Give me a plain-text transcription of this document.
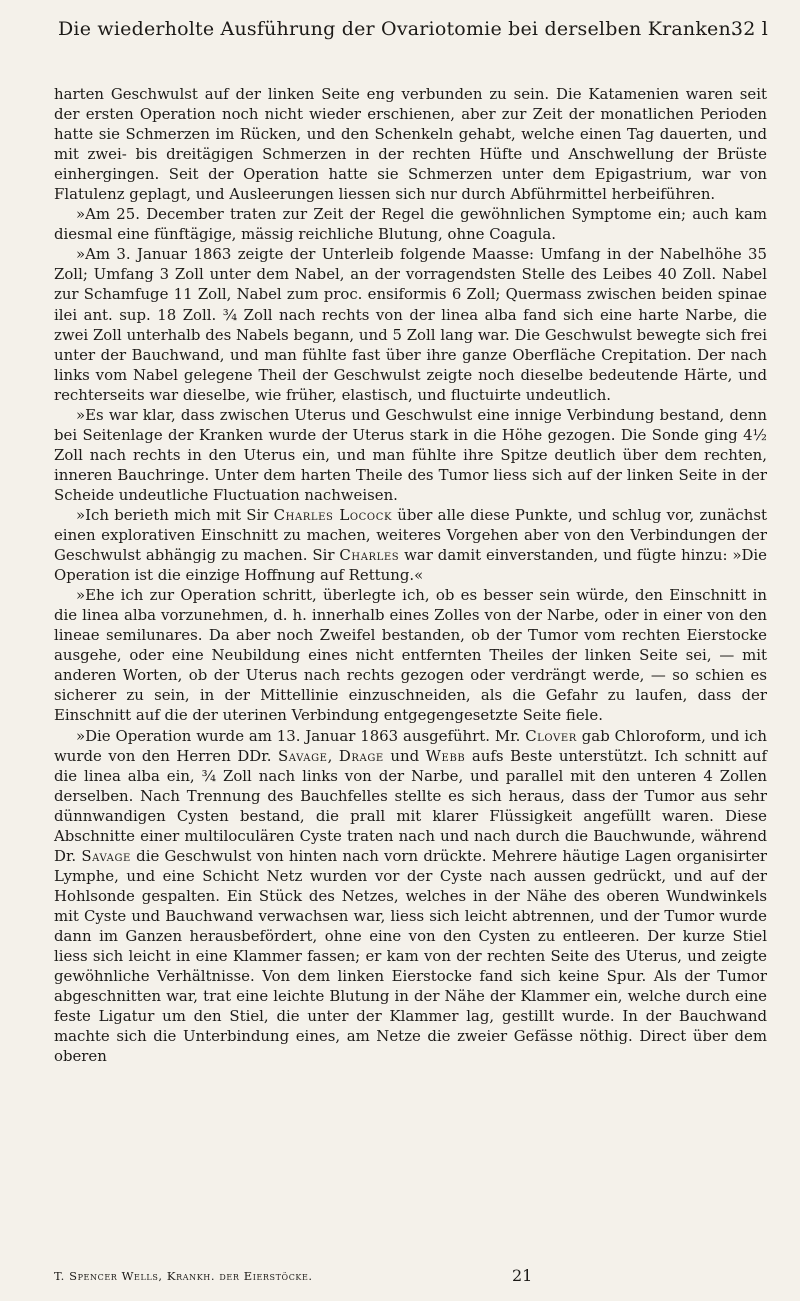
Die wiederholte Ausführung der Ovariotomie bei derselben Kranken.
32 l

harten Geschwulst auf der linken Seite eng verbunden zu sein. Die Katamenien waren seit der ersten Operation noch nicht wieder erschienen, aber zur Zeit der monatlichen Perioden hatte sie Schmerzen im Rücken, und den Schenkeln gehabt, welche einen Tag dauerten, und mit zwei- bis dreitägigen Schmerzen in der rechten Hüfte und Anschwellung der Brüste einhergingen. Seit der Operation hatte sie Schmerzen unter dem Epigastrium, war von Flatulenz geplagt, und Ausleerungen liessen sich nur durch Abführmittel herbeiführen.

»Am 25. December traten zur Zeit der Regel die gewöhnlichen Symptome ein; auch kam diesmal eine fünftägige, mässig reichliche Blutung, ohne Coagula.

»Am 3. Januar 1863 zeigte der Unterleib folgende Maasse: Umfang in der Nabelhöhe 35 Zoll; Umfang 3 Zoll unter dem Nabel, an der vorragendsten Stelle des Leibes 40 Zoll. Nabel zur Schamfuge 11 Zoll, Nabel zum proc. ensiformis 6 Zoll; Quermass zwischen beiden spinae ilei ant. sup. 18 Zoll. ¾ Zoll nach rechts von der linea alba fand sich eine harte Narbe, die zwei Zoll unterhalb des Nabels begann, und 5 Zoll lang war. Die Geschwulst bewegte sich frei unter der Bauchwand, und man fühlte fast über ihre ganze Oberfläche Crepitation. Der nach links vom Nabel gelegene Theil der Geschwulst zeigte noch dieselbe bedeutende Härte, und rechterseits war dieselbe, wie früher, elastisch, und fluctuirte undeutlich.

»Es war klar, dass zwischen Uterus und Geschwulst eine innige Verbindung bestand, denn bei Seitenlage der Kranken wurde der Uterus stark in die Höhe gezogen. Die Sonde ging 4½ Zoll nach rechts in den Uterus ein, und man fühlte ihre Spitze deutlich über dem rechten, inneren Bauchringe. Unter dem harten Theile des Tumor liess sich auf der linken Seite in der Scheide undeutliche Fluctuation nachweisen.

»Ich berieth mich mit Sir Charles Locock über alle diese Punkte, und schlug vor, zunächst einen explorativen Einschnitt zu machen, weiteres Vorgehen aber von den Verbindungen der Geschwulst abhängig zu machen. Sir Charles war damit einverstanden, und fügte hinzu: »Die Operation ist die einzige Hoffnung auf Rettung.«

»Ehe ich zur Operation schritt, überlegte ich, ob es besser sein würde, den Einschnitt in die linea alba vorzunehmen, d. h. innerhalb eines Zolles von der Narbe, oder in einer von den lineae semilunares. Da aber noch Zweifel bestanden, ob der Tumor vom rechten Eierstocke ausgehe, oder eine Neubildung eines nicht entfernten Theiles der linken Seite sei, — mit anderen Worten, ob der Uterus nach rechts gezogen oder verdrängt werde, — so schien es sicherer zu sein, in der Mittellinie einzuschneiden, als die Gefahr zu laufen, dass der Einschnitt auf die der uterinen Verbindung entgegengesetzte Seite fiele.

»Die Operation wurde am 13. Januar 1863 ausgeführt. Mr. Clover gab Chloroform, und ich wurde von den Herren DDr. Savage, Drage und Webb aufs Beste unterstützt. Ich schnitt auf die linea alba ein, ¾ Zoll nach links von der Narbe, und parallel mit den unteren 4 Zollen derselben. Nach Trennung des Bauchfelles stellte es sich heraus, dass der Tumor aus sehr dünnwandigen Cysten bestand, die prall mit klarer Flüssigkeit angefüllt waren. Diese Abschnitte einer multiloculären Cyste traten nach und nach durch die Bauchwunde, während Dr. Savage die Geschwulst von hinten nach vorn drückte. Mehrere häutige Lagen organisirter Lymphe, und eine Schicht Netz wurden vor der Cyste nach aussen gedrückt, und auf der Hohlsonde gespalten. Ein Stück des Netzes, welches in der Nähe des oberen Wundwinkels mit Cyste und Bauchwand verwachsen war, liess sich leicht abtrennen, und der Tumor wurde dann im Ganzen herausbefördert, ohne eine von den Cysten zu entleeren. Der kurze Stiel liess sich leicht in eine Klammer fassen; er kam von der rechten Seite des Uterus, und zeigte gewöhnliche Verhältnisse. Von dem linken Eierstocke fand sich keine Spur. Als der Tumor abgeschnitten war, trat eine leichte Blutung in der Nähe der Klammer ein, welche durch eine feste Ligatur um den Stiel, die unter der Klammer lag, gestillt wurde. In der Bauchwand machte sich die Unterbindung eines, am Netze die zweier Gefässe nöthig. Direct über dem oberen

T. Spencer Wells, Krankh. der Eierstöcke.	21
